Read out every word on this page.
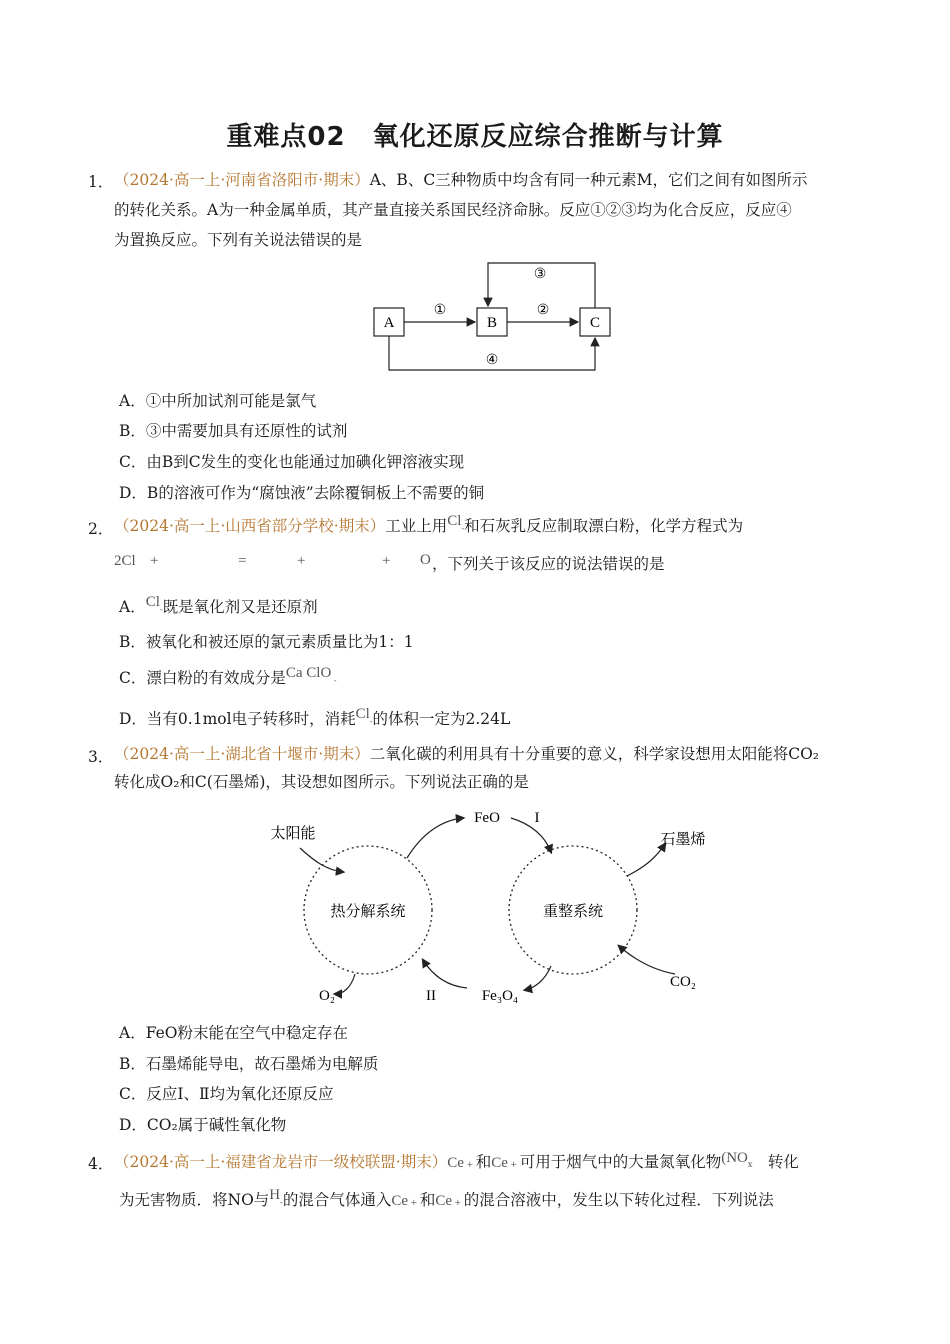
重难点02　氧化还原反应综合推断与计算
1． （2024·高一上·河南省洛阳市·期末）A、B、C三种物质中均含有同一种元素M，它们之间有如图所示
的转化关系。A为一种金属单质，其产量直接关系国民经济命脉。反应①②③均为化合反应，反应④
为置换反应。下列有关说法错误的是
A	B	C
①	②
③
④
A．①中所加试剂可能是氯气
B．③中需要加具有还原性的试剂
C．由B到C发生的变化也能通过加碘化钾溶液实现
D．B的溶液可作为“腐蚀液”去除覆铜板上不需要的铜
2． （2024·高一上·山西省部分学校·期末）工业上用Cl-和石灰乳反应制取漂白粉，化学方程式为
2Cl +	=	+	+ O ，下列关于该反应的说法错误的是
A．Cl-既是氧化剂又是还原剂
B．被氧化和被还原的氯元素质量比为1：1
C．漂白粉的有效成分是Ca ClO -
D．当有0.1mol电子转移时，消耗Cl-的体积一定为2.24L
3． （2024·高一上·湖北省十堰市·期末）二氧化碳的利用具有十分重要的意义，科学家设想用太阳能将CO₂
转化成O₂和C(石墨烯)，其设想如图所示。下列说法正确的是
热分解系统	重整系统
太阳能
FeO I
石墨烯
CO₂
Fe₃O₄
II
O₂
A．FeO粉末能在空气中稳定存在
B．石墨烯能导电，故石墨烯为电解质
C．反应Ⅰ、Ⅱ均为氧化还原反应
D．CO₂属于碱性氧化物
4． （2024·高一上·福建省龙岩市一级校联盟·期末）Ce + 和Ce + 可用于烟气中的大量氮氧化物(NOx　 转化
为无害物质．将NO与H-的混合气体通入Ce + 和Ce + 的混合溶液中，发生以下转化过程．下列说法
